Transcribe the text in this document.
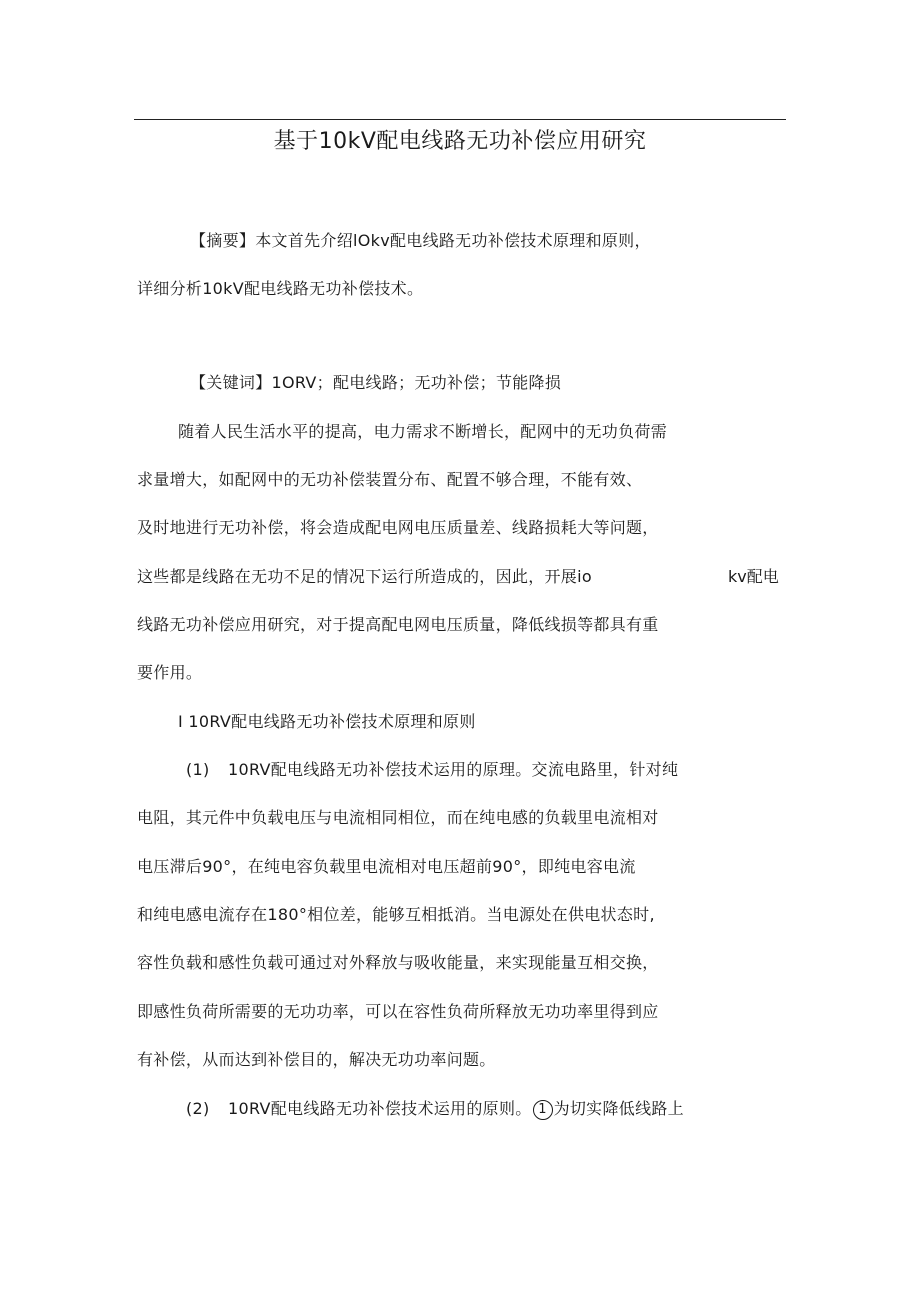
基于10kV配电线路无功补偿应用研究
【摘要】本文首先介绍lOkv配电线路无功补偿技术原理和原则，
详细分析10kV配电线路无功补偿技术。
【关键词】1ORV；配电线路；无功补偿；节能降损
随着人民生活水平的提高，电力需求不断增长，配网中的无功负荷需
求量增大，如配网中的无功补偿装置分布、配置不够合理，不能有效、
及时地进行无功补偿，将会造成配电网电压质量差、线路损耗大等问题，
这些都是线路在无功不足的情况下运行所造成的，因此，开展io	kv配电
线路无功补偿应用研究，对于提高配电网电压质量，降低线损等都具有重
要作用。
I 10RV配电线路无功补偿技术原理和原则
(1) 10RV配电线路无功补偿技术运用的原理。交流电路里，针对纯
电阻，其元件中负载电压与电流相同相位，而在纯电感的负载里电流相对
电压滞后90°，在纯电容负载里电流相对电压超前90°，即纯电容电流
和纯电感电流存在180°相位差，能够互相抵消。当电源处在供电状态时,
容性负载和感性负载可通过对外释放与吸收能量，来实现能量互相交换，
即感性负荷所需要的无功功率，可以在容性负荷所释放无功功率里得到应
有补偿，从而达到补偿目的，解决无功功率问题。
(2) 10RV配电线路无功补偿技术运用的原则。 1 为切实降低线路上
